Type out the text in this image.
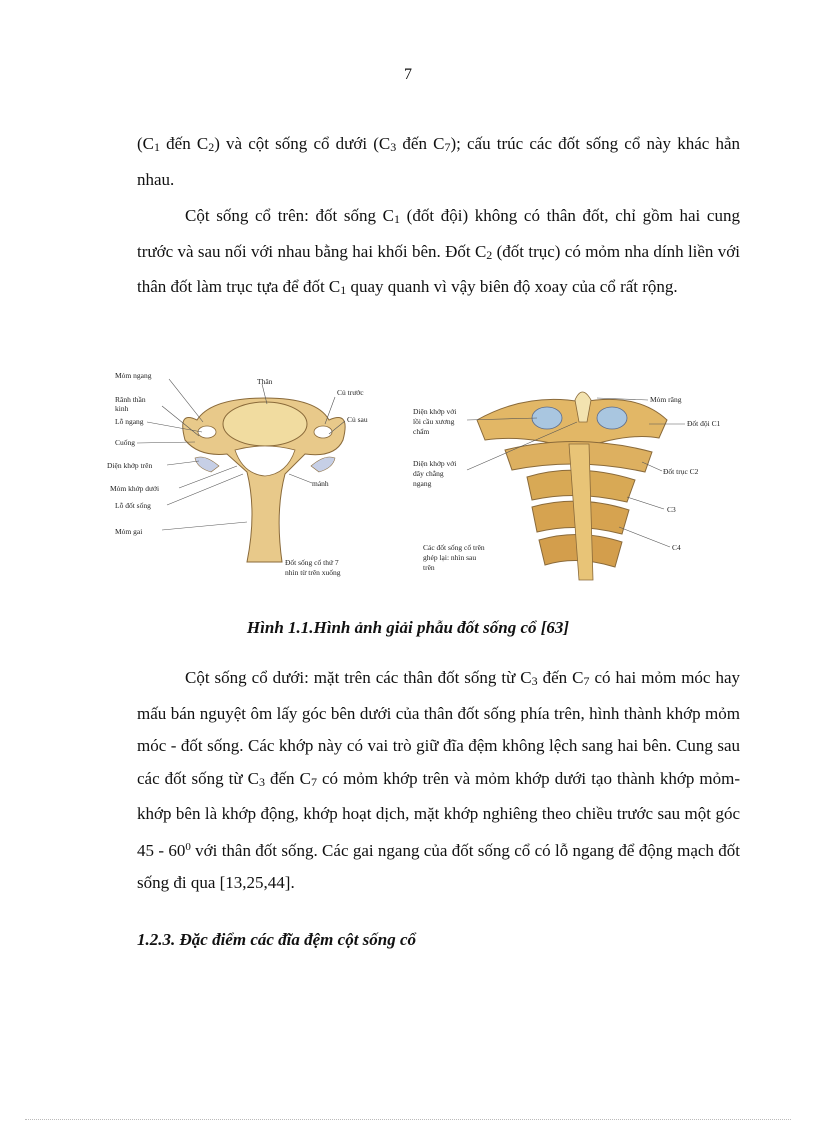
7

($C_1$ đến $C_2$) và cột sống cổ dưới ($C_3$ đến $C_7$); cấu trúc các đốt sống cổ này khác hẳn nhau.

Cột sống cổ trên: đốt sống $C_1$ (đốt đội) không có thân đốt, chỉ gồm hai cung trước và sau nối với nhau bằng hai khối bên. Đốt $C_2$ (đốt trục) có mỏm nha dính liền với thân đốt làm trục tựa để đốt $C_1$ quay quanh vì vậy biên độ xoay của cổ rất rộng.

Mỏm ngang
Rãnh thần
kinh
Lỗ ngang
Cuống
Diện khớp trên
Mỏm khớp dưới
Lỗ đốt sống
Mỏm gai
Thân
Củ trước
Củ sau
mảnh
Đốt sống cổ thứ 7
nhìn từ trên xuống
Diện khớp với
lồi cầu xương
chẩm
Diện khớp với
dây chằng
ngang
Mỏm răng
Đốt đội C1
Đốt trục C2
C3
C4
Các đốt sống cổ trên
ghép lại: nhìn sau
trên
Hình 1.1.Hình ảnh giải phẫu đốt sống cổ [63]

Cột sống cổ dưới: mặt trên các thân đốt sống từ $C_3$ đến $C_7$ có hai mỏm móc hay mấu bán nguyệt ôm lấy góc bên dưới của thân đốt sống phía trên, hình thành khớp mỏm móc - đốt sống. Các khớp này có vai trò giữ đĩa đệm không lệch sang hai bên. Cung sau các đốt sống từ $C_3$ đến $C_7$ có mỏm khớp trên và mỏm khớp dưới tạo thành khớp mỏm- khớp bên là khớp động, khớp hoạt dịch, mặt khớp nghiêng theo chiều trước sau một góc $45 - 60^0$ với thân đốt sống. Các gai ngang của đốt sống cổ có lỗ ngang để động mạch đốt sống đi qua [13,25,44].

1.2.3. Đặc điểm các đĩa đệm cột sống cổ
